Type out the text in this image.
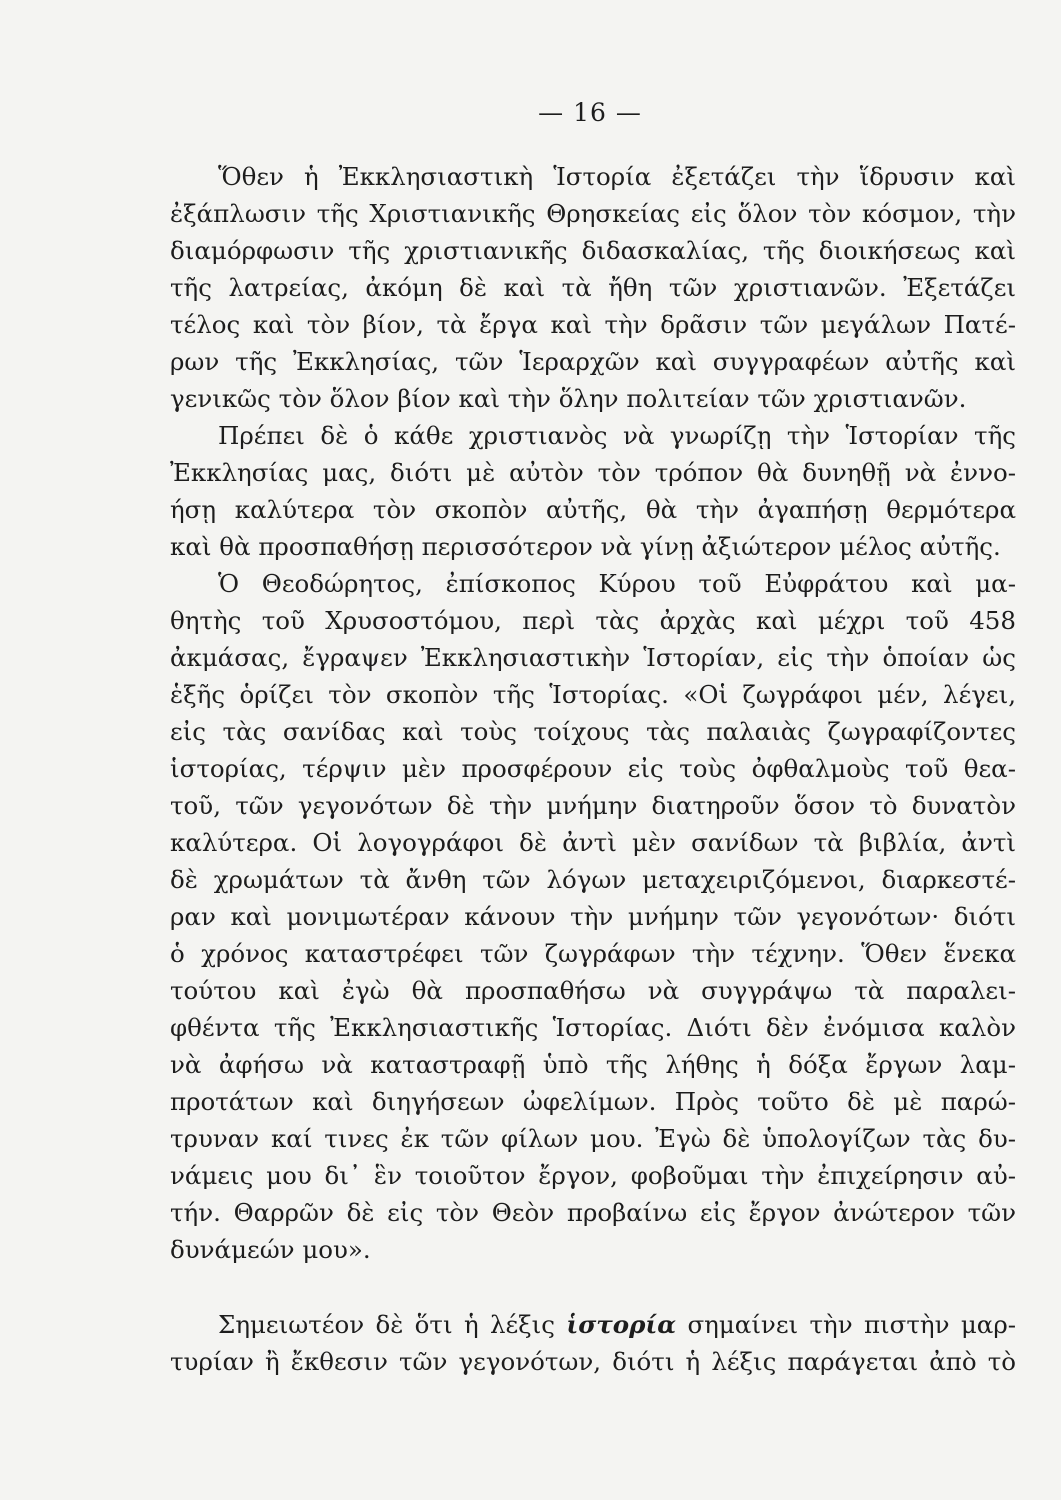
— 16 —
Ὅθεν ἡ Ἐκκλησιαστικὴ Ἱστορία ἐξετάζει τὴν ἵδρυσιν καὶ
ἐξάπλωσιν τῆς Χριστιανικῆς Θρησκείας εἰς ὅλον τὸν κόσμον, τὴν
διαμόρφωσιν τῆς χριστιανικῆς διδασκαλίας, τῆς διοικήσεως καὶ
τῆς λατρείας, ἀκόμη δὲ καὶ τὰ ἤθη τῶν χριστιανῶν. Ἐξετάζει
τέλος καὶ τὸν βίον, τὰ ἔργα καὶ τὴν δρᾶσιν τῶν μεγάλων Πατέ-
ρων τῆς Ἐκκλησίας, τῶν Ἱεραρχῶν καὶ συγγραφέων αὐτῆς καὶ
γενικῶς τὸν ὅλον βίον καὶ τὴν ὅλην πολιτείαν τῶν χριστιανῶν.
Πρέπει δὲ ὁ κάθε χριστιανὸς νὰ γνωρίζῃ τὴν Ἱστορίαν τῆς
Ἐκκλησίας μας, διότι μὲ αὐτὸν τὸν τρόπον θὰ δυνηθῇ νὰ ἐννο-
ήσῃ καλύτερα τὸν σκοπὸν αὐτῆς, θὰ τὴν ἀγαπήσῃ θερμότερα
καὶ θὰ προσπαθήσῃ περισσότερον νὰ γίνῃ ἀξιώτερον μέλος αὐτῆς.
Ὁ Θεοδώρητος, ἐπίσκοπος Κύρου τοῦ Εὐφράτου καὶ μα-
θητὴς τοῦ Χρυσοστόμου, περὶ τὰς ἀρχὰς καὶ μέχρι τοῦ 458
ἀκμάσας, ἔγραψεν Ἐκκλησιαστικὴν Ἱστορίαν, εἰς τὴν ὁποίαν ὡς
ἑξῆς ὁρίζει τὸν σκοπὸν τῆς Ἱστορίας. «Οἱ ζωγράφοι μέν, λέγει,
εἰς τὰς σανίδας καὶ τοὺς τοίχους τὰς παλαιὰς ζωγραφίζοντες
ἱστορίας, τέρψιν μὲν προσφέρουν εἰς τοὺς ὀφθαλμοὺς τοῦ θεα-
τοῦ, τῶν γεγονότων δὲ τὴν μνήμην διατηροῦν ὅσον τὸ δυνατὸν
καλύτερα. Οἱ λογογράφοι δὲ ἀντὶ μὲν σανίδων τὰ βιβλία, ἀντὶ
δὲ χρωμάτων τὰ ἄνθη τῶν λόγων μεταχειριζόμενοι, διαρκεστέ-
ραν καὶ μονιμωτέραν κάνουν τὴν μνήμην τῶν γεγονότων· διότι
ὁ χρόνος καταστρέφει τῶν ζωγράφων τὴν τέχνην. Ὅθεν ἕνεκα
τούτου καὶ ἐγὼ θὰ προσπαθήσω νὰ συγγράψω τὰ παραλει-
φθέντα τῆς Ἐκκλησιαστικῆς Ἱστορίας. Διότι δὲν ἐνόμισα καλὸν
νὰ ἀφήσω νὰ καταστραφῇ ὑπὸ τῆς λήθης ἡ δόξα ἔργων λαμ-
προτάτων καὶ διηγήσεων ὠφελίμων. Πρὸς τοῦτο δὲ μὲ παρώ-
τρυναν καί τινες ἐκ τῶν φίλων μου. Ἐγὼ δὲ ὑπολογίζων τὰς δυ-
νάμεις μου δι᾽ ἓν τοιοῦτον ἔργον, φοβοῦμαι τὴν ἐπιχείρησιν αὐ-
τήν. Θαρρῶν δὲ εἰς τὸν Θεὸν προβαίνω εἰς ἔργον ἀνώτερον τῶν
δυνάμεών μου».
Σημειωτέον δὲ ὅτι ἡ λέξις ἱστορία σημαίνει τὴν πιστὴν μαρ-
τυρίαν ἢ ἔκθεσιν τῶν γεγονότων, διότι ἡ λέξις παράγεται ἀπὸ τὸ
